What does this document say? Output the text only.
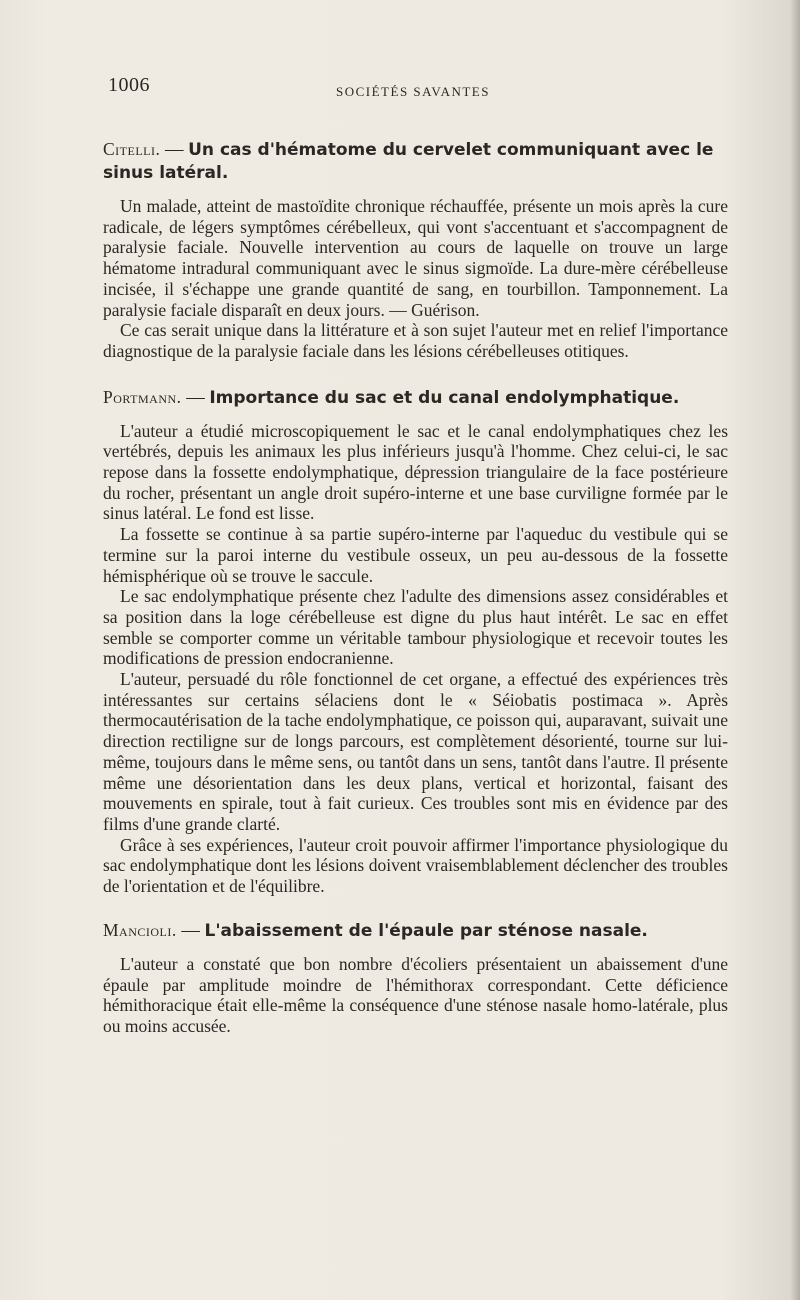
1006	SOCIÉTÉS SAVANTES
Citelli. — Un cas d'hématome du cervelet communiquant avec le sinus latéral.

Un malade, atteint de mastoïdite chronique réchauffée, présente un mois après la cure radicale, de légers symptômes cérébelleux, qui vont s'accentuant et s'accompagnent de paralysie faciale. Nouvelle intervention au cours de laquelle on trouve un large hématome intradural communiquant avec le sinus sigmoïde. La dure-mère cérébelleuse incisée, il s'échappe une grande quantité de sang, en tourbillon. Tamponnement. La paralysie faciale disparaît en deux jours. — Guérison.

Ce cas serait unique dans la littérature et à son sujet l'auteur met en relief l'importance diagnostique de la paralysie faciale dans les lésions cérébelleuses otitiques.

Portmann. — Importance du sac et du canal endolymphatique.

L'auteur a étudié microscopiquement le sac et le canal endolymphatiques chez les vertébrés, depuis les animaux les plus inférieurs jusqu'à l'homme. Chez celui-ci, le sac repose dans la fossette endolymphatique, dépression triangulaire de la face postérieure du rocher, présentant un angle droit supéro-interne et une base curviligne formée par le sinus latéral. Le fond est lisse.

La fossette se continue à sa partie supéro-interne par l'aqueduc du vestibule qui se termine sur la paroi interne du vestibule osseux, un peu au-dessous de la fossette hémisphérique où se trouve le saccule.

Le sac endolymphatique présente chez l'adulte des dimensions assez considérables et sa position dans la loge cérébelleuse est digne du plus haut intérêt. Le sac en effet semble se comporter comme un véritable tambour physiologique et recevoir toutes les modifications de pression endocranienne.

L'auteur, persuadé du rôle fonctionnel de cet organe, a effectué des expériences très intéressantes sur certains sélaciens dont le « Séiobatis postimaca ». Après thermocautérisation de la tache endolymphatique, ce poisson qui, auparavant, suivait une direction rectiligne sur de longs parcours, est complètement désorienté, tourne sur lui-même, toujours dans le même sens, ou tantôt dans un sens, tantôt dans l'autre. Il présente même une désorientation dans les deux plans, vertical et horizontal, faisant des mouvements en spirale, tout à fait curieux. Ces troubles sont mis en évidence par des films d'une grande clarté.

Grâce à ses expériences, l'auteur croit pouvoir affirmer l'importance physiologique du sac endolymphatique dont les lésions doivent vraisemblablement déclencher des troubles de l'orientation et de l'équilibre.

Mancioli. — L'abaissement de l'épaule par sténose nasale.

L'auteur a constaté que bon nombre d'écoliers présentaient un abaissement d'une épaule par amplitude moindre de l'hémithorax correspondant. Cette déficience hémithoracique était elle-même la conséquence d'une sténose nasale homo-latérale, plus ou moins accusée.
